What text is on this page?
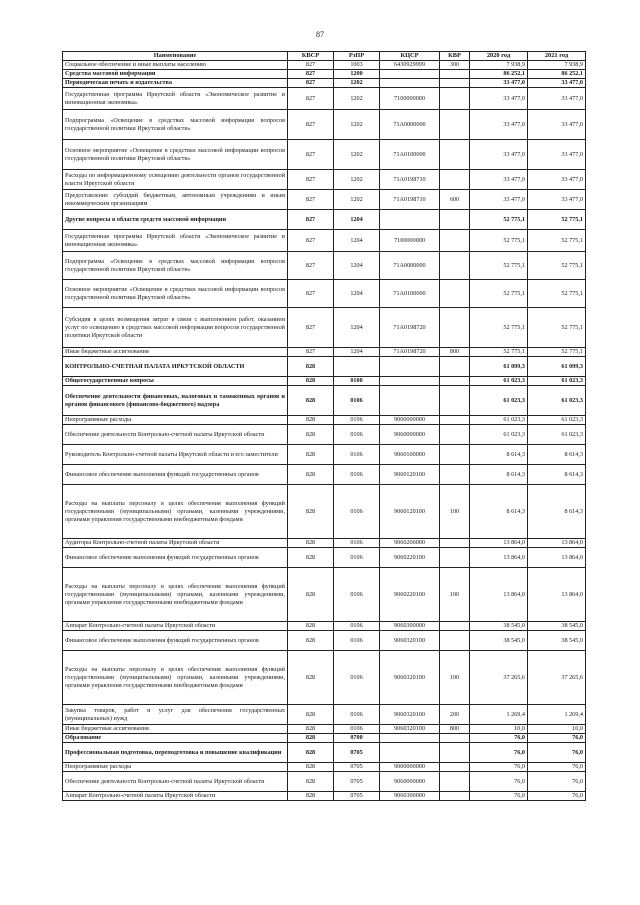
87
Наименование	КВСР	РзПР	КЦСР	КВР	2020 год	2021 год
Социальное обеспечение и иные выплаты населению	827	1003	6430929999	300	7 938,9	7 938,9
Средства массовой информации	827	1200			86 252,1	86 252,1
Периодическая печать и издательства	827	1202			33 477,0	33 477,0
Государственная программа Иркутской области «Экономическое развитие и инновационная экономика»	827	1202	7100000000		33 477,0	33 477,0
Подпрограмма «Освещение в средствах массовой информации вопросов государственной политики Иркутской области»	827	1202	71А0000000		33 477,0	33 477,0
Основное мероприятие «Освещение в средствах массовой информации вопросов государственной политики Иркутской области»	827	1202	71А0100000		33 477,0	33 477,0
Расходы по информационному освещению деятельности органов государственной власти Иркутской области	827	1202	71А0198710		33 477,0	33 477,0
Предоставление субсидий бюджетным, автономным учреждениям и иным некоммерческим организациям	827	1202	71А0198710	600	33 477,0	33 477,0
Другие вопросы в области средств массовой информации	827	1204			52 775,1	52 775,1
Государственная программа Иркутской области «Экономическое развитие и инновационная экономика»	827	1204	7100000000		52 775,1	52 775,1
Подпрограмма «Освещение в средствах массовой информации вопросов государственной политики Иркутской области»	827	1204	71А0000000		52 775,1	52 775,1
Основное мероприятие «Освещение в средствах массовой информации вопросов государственной политики Иркутской области»	827	1204	71А0100000		52 775,1	52 775,1
Субсидия в целях возмещения затрат в связи с выполнением работ, оказанием услуг по освещению в средствах массовой информации вопросов государственной политики Иркутской области	827	1204	71А0198720		52 775,1	52 775,1
Иные бюджетные ассигнования	827	1204	71А0198720	800	52 775,1	52 775,1
КОНТРОЛЬНО-СЧЕТНАЯ ПАЛАТА ИРКУТСКОЙ ОБЛАСТИ	828				61 099,3	61 099,3
Общегосударственные вопросы	828	0100			61 023,3	61 023,3
Обеспечение деятельности финансовых, налоговых и таможенных органов и органов финансового (финансово-бюджетного) надзора	828	0106			61 023,3	61 023,3
Непрограммные расходы	828	0106	9000000000		61 023,3	61 023,3
Обеспечение деятельности Контрольно-счетной палаты Иркутской области	828	0106	9060000000		61 023,3	61 023,3
Руководитель Контрольно-счетной палаты Иркутской области и его заместители	828	0106	9060100000		8 614,3	8 614,3
Финансовое обеспечение выполнения функций государственных органов	828	0106	9060120100		8 614,3	8 614,3
Расходы на выплаты персоналу в целях обеспечения выполнения функций государственными (муниципальными) органами, казенными учреждениями, органами управления государственными внебюджетными фондами	828	0106	9060120100	100	8 614,3	8 614,3
Аудиторы Контрольно-счетной палаты Иркутской области	828	0106	9060200000		13 864,0	13 864,0
Финансовое обеспечение выполнения функций государственных органов	828	0106	9060220100		13 864,0	13 864,0
Расходы на выплаты персоналу в целях обеспечения выполнения функций государственными (муниципальными) органами, казенными учреждениями, органами управления государственными внебюджетными фондами	828	0106	9060220100	100	13 864,0	13 864,0
Аппарат Контрольно-счетной палаты Иркутской области	828	0106	9060300000		38 545,0	38 545,0
Финансовое обеспечение выполнения функций государственных органов	828	0106	9060320100		38 545,0	38 545,0
Расходы на выплаты персоналу в целях обеспечения выполнения функций государственными (муниципальными) органами, казенными учреждениями, органами управления государственными внебюджетными фондами	828	0106	9060320100	100	37 265,6	37 265,6
Закупка товаров, работ и услуг для обеспечения государственных (муниципальных) нужд	828	0106	9060320100	200	1 269,4	1 269,4
Иные бюджетные ассигнования	828	0106	9060320100	800	10,0	10,0
Образование	828	0700			76,0	76,0
Профессиональная подготовка, переподготовка и повышение квалификации	828	0705			76,0	76,0
Непрограммные расходы	828	0705	9000000000		76,0	76,0
Обеспечение деятельности Контрольно-счетной палаты Иркутской области	828	0705	9060000000		76,0	76,0
Аппарат Контрольно-счетной палаты Иркутской области	828	0705	9060300000		76,0	76,0
